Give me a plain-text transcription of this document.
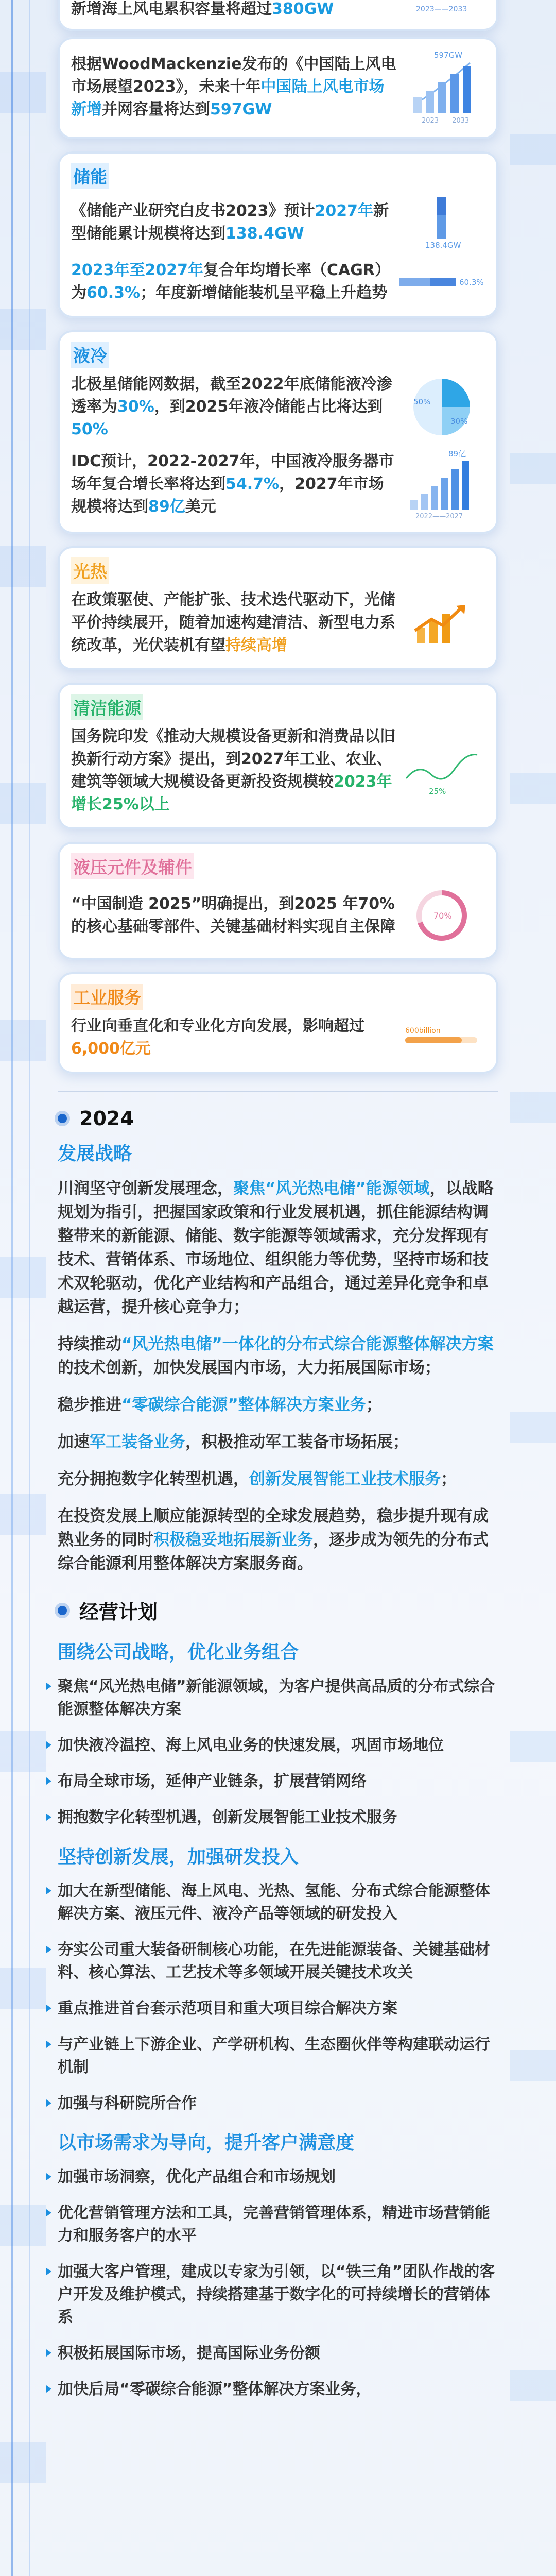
新增海上风电累积容量将超过380GW	2023——2033

根据WoodMackenzie发布的《中国陆上风电市场展望2023》，未来十年中国陆上风电市场新增并网容量将达到597GW

597GW
2023——2033
储能

《储能产业研究白皮书2023》预计2027年新型储能累计规模将达到138.4GW

138.4GW

2023年至2027年复合年均增长率（CAGR）为60.3%；年度新增储能装机呈平稳上升趋势

60.3%
液冷

北极星储能网数据，截至2022年底储能液冷渗透率为30%，到2025年液冷储能占比将达到50%

50%
30%

IDC预计，2022-2027年，中国液冷服务器市场年复合增长率将达到54.7%，2027年市场规模将达到89亿美元

89亿
2022——2027
光热

在政策驱使、产能扩张、技术迭代驱动下，光储平价持续展开，随着加速构建清洁、新型电力系统改革，光伏装机有望持续高增

清洁能源

国务院印发《推动大规模设备更新和消费品以旧换新行动方案》提出，到2027年工业、农业、建筑等领域大规模设备更新投资规模较2023年增长25%以上

25%
液压元件及辅件

“中国制造 2025”明确提出，到2025 年70%的核心基础零部件、关键基础材料实现自主保障

70%
工业服务

行业向垂直化和专业化方向发展，影响超过6,000亿元

600billion
2024
发展战略

川润坚守创新发展理念，聚焦“风光热电储”能源领域，以战略规划为指引，把握国家政策和行业发展机遇，抓住能源结构调整带来的新能源、储能、数字能源等领域需求，充分发挥现有技术、营销体系、市场地位、组织能力等优势，坚持市场和技术双轮驱动，优化产业结构和产品组合，通过差异化竞争和卓越运营，提升核心竞争力；

持续推动“风光热电储”一体化的分布式综合能源整体解决方案的技术创新，加快发展国内市场，大力拓展国际市场；

稳步推进“零碳综合能源”整体解决方案业务；

加速军工装备业务，积极推动军工装备市场拓展；

充分拥抱数字化转型机遇，创新发展智能工业技术服务；

在投资发展上顺应能源转型的全球发展趋势，稳步提升现有成熟业务的同时积极稳妥地拓展新业务，逐步成为领先的分布式综合能源利用整体解决方案服务商。

经营计划
围绕公司战略，优化业务组合
聚焦“风光热电储”新能源领域，为客户提供高品质的分布式综合能源整体解决方案
加快液冷温控、海上风电业务的快速发展，巩固市场地位
布局全球市场，延伸产业链条，扩展营销网络
拥抱数字化转型机遇，创新发展智能工业技术服务
坚持创新发展，加强研发投入
加大在新型储能、海上风电、光热、氢能、分布式综合能源整体解决方案、液压元件、液冷产品等领域的研发投入
夯实公司重大装备研制核心功能，在先进能源装备、关键基础材料、核心算法、工艺技术等多领域开展关键技术攻关
重点推进首台套示范项目和重大项目综合解决方案
与产业链上下游企业、产学研机构、生态圈伙伴等构建联动运行机制
加强与科研院所合作
以市场需求为导向，提升客户满意度
加强市场洞察，优化产品组合和市场规划
优化营销管理方法和工具，完善营销管理体系，精进市场营销能力和服务客户的水平
加强大客户管理，建成以专家为引领，以“铁三角”团队作战的客户开发及维护模式，持续搭建基于数字化的可持续增长的营销体系
积极拓展国际市场，提高国际业务份额
加快后局“零碳综合能源”整体解决方案业务，
